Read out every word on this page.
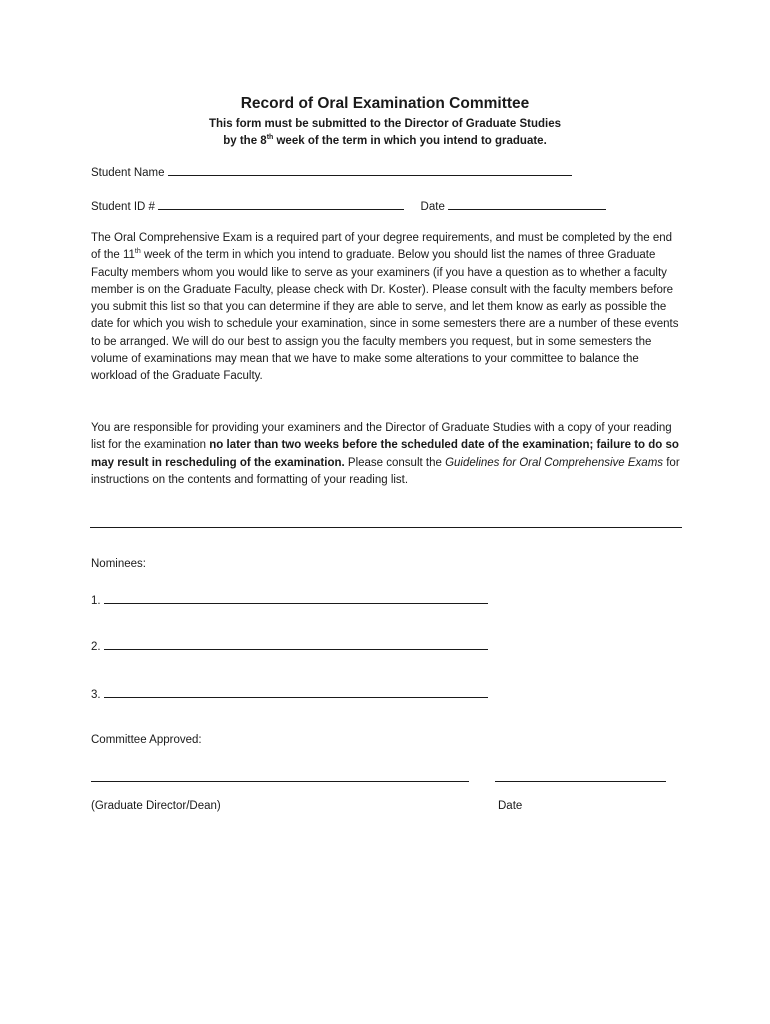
Record of Oral Examination Committee
This form must be submitted to the Director of Graduate Studies
by the 8th week of the term in which you intend to graduate.
Student Name
Student ID #	Date

The Oral Comprehensive Exam is a required part of your degree requirements, and must be completed by the end of the 11th week of the term in which you intend to graduate. Below you should list the names of three Graduate Faculty members whom you would like to serve as your examiners (if you have a question as to whether a faculty member is on the Graduate Faculty, please check with Dr. Koster). Please consult with the faculty members before you submit this list so that you can determine if they are able to serve, and let them know as early as possible the date for which you wish to schedule your examination, since in some semesters there are a number of these events to be arranged. We will do our best to assign you the faculty members you request, but in some semesters the volume of examinations may mean that we have to make some alterations to your committee to balance the workload of the Graduate Faculty.

You are responsible for providing your examiners and the Director of Graduate Studies with a copy of your reading list for the examination no later than two weeks before the scheduled date of the examination; failure to do so may result in rescheduling of the examination. Please consult the Guidelines for Oral Comprehensive Exams for instructions on the contents and formatting of your reading list.

Nominees:
1.
2.
3.
Committee Approved:
(Graduate Director/Dean)	Date
